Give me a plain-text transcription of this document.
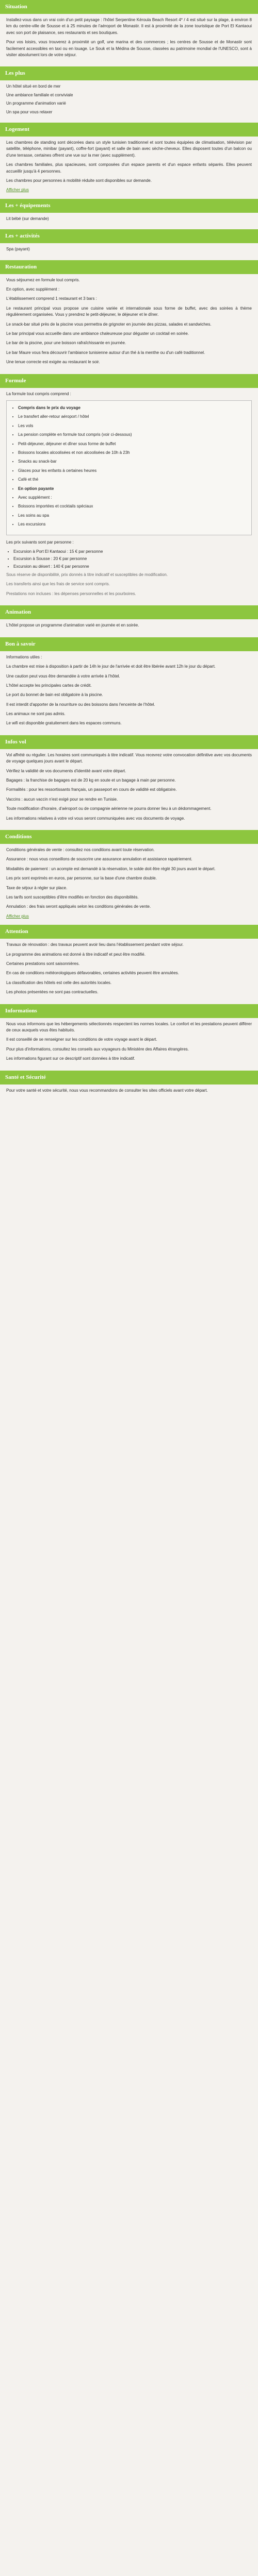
Situation

Installez-vous dans un vrai coin d'un petit paysage : l'hôtel Serpentine Kéroula Beach Resort 4* / 4 est situé sur la plage, à environ 8 km du centre-ville de Sousse et à 25 minutes de l'aéroport de Monastir. Il est à proximité de la zone touristique de Port El Kantaoui avec son port de plaisance, ses restaurants et ses boutiques.

Pour vos loisirs, vous trouverez à proximité un golf, une marina et des commerces ; les centres de Sousse et de Monastir sont facilement accessibles en taxi ou en louage. Le Souk et la Médina de Sousse, classées au patrimoine mondial de l'UNESCO, sont à visiter absolument lors de votre séjour.

Les plus
Un hôtel situé en bord de mer
Une ambiance familiale et conviviale
Un programme d'animation varié
Un spa pour vous relaxer
Logement

Les chambres de standing sont décorées dans un style tunisien traditionnel et sont toutes équipées de climatisation, télévision par satellite, téléphone, minibar (payant), coffre-fort (payant) et salle de bain avec sèche-cheveux. Elles disposent toutes d'un balcon ou d'une terrasse, certaines offrent une vue sur la mer (avec supplément).

Les chambres familiales, plus spacieuses, sont composées d'un espace parents et d'un espace enfants séparés. Elles peuvent accueillir jusqu'à 4 personnes.

Les chambres pour personnes à mobilité réduite sont disponibles sur demande.

Afficher plus
Les + équipements
Lit bébé (sur demande)
Les + activités
Spa (payant)
Restauration

Vous séjournez en formule tout compris.

En option, avec supplément :

L'établissement comprend 1 restaurant et 3 bars :

Le restaurant principal vous propose une cuisine variée et internationale sous forme de buffet, avec des soirées à thème régulièrement organisées. Vous y prendrez le petit-déjeuner, le déjeuner et le dîner.

Le snack-bar situé près de la piscine vous permettra de grignoter en journée des pizzas, salades et sandwiches.

Le bar principal vous accueille dans une ambiance chaleureuse pour déguster un cocktail en soirée.

Le bar de la piscine, pour une boisson rafraîchissante en journée.

Le bar Maure vous fera découvrir l'ambiance tunisienne autour d'un thé à la menthe ou d'un café traditionnel.

Une tenue correcte est exigée au restaurant le soir.

Formule

La formule tout compris comprend :

• Compris dans le prix du voyage
• Le transfert aller-retour aéroport / hôtel
• Les vols
• La pension complète en formule tout compris (voir ci-dessous)
• Petit-déjeuner, déjeuner et dîner sous forme de buffet
• Boissons locales alcoolisées et non alcoolisées de 10h à 23h
• Snacks au snack-bar
• Glaces pour les enfants à certaines heures
• Café et thé
• En option payante
• Avec supplément :
• Boissons importées et cocktails spéciaux
• Les soins au spa
• Les excursions

Les prix suivants sont par personne :

• Excursion à Port El Kantaoui : 15 € par personne
• Excursion à Sousse : 20 € par personne
• Excursion au désert : 140 € par personne

Sous réserve de disponibilité, prix donnés à titre indicatif et susceptibles de modification.

Les transferts ainsi que les frais de service sont compris.

Prestations non incluses : les dépenses personnelles et les pourboires.

Animation

L'hôtel propose un programme d'animation varié en journée et en soirée.

Bon à savoir

Informations utiles :

La chambre est mise à disposition à partir de 14h le jour de l'arrivée et doit être libérée avant 12h le jour du départ.

Une caution peut vous être demandée à votre arrivée à l'hôtel.

L'hôtel accepte les principales cartes de crédit.

Le port du bonnet de bain est obligatoire à la piscine.

Il est interdit d'apporter de la nourriture ou des boissons dans l'enceinte de l'hôtel.

Les animaux ne sont pas admis.

Le wifi est disponible gratuitement dans les espaces communs.

Infos vol

Vol affrété ou régulier. Les horaires sont communiqués à titre indicatif. Vous recevrez votre convocation définitive avec vos documents de voyage quelques jours avant le départ.

Vérifiez la validité de vos documents d'identité avant votre départ.

Bagages : la franchise de bagages est de 20 kg en soute et un bagage à main par personne.

Formalités : pour les ressortissants français, un passeport en cours de validité est obligatoire.

Vaccins : aucun vaccin n'est exigé pour se rendre en Tunisie.

Toute modification d'horaire, d'aéroport ou de compagnie aérienne ne pourra donner lieu à un dédommagement.

Les informations relatives à votre vol vous seront communiquées avec vos documents de voyage.

Conditions

Conditions générales de vente : consultez nos conditions avant toute réservation.

Assurance : nous vous conseillons de souscrire une assurance annulation et assistance rapatriement.

Modalités de paiement : un acompte est demandé à la réservation, le solde doit être réglé 30 jours avant le départ.

Les prix sont exprimés en euros, par personne, sur la base d'une chambre double.

Taxe de séjour à régler sur place.

Les tarifs sont susceptibles d'être modifiés en fonction des disponibilités.

Annulation : des frais seront appliqués selon les conditions générales de vente.

Afficher plus
Attention

Travaux de rénovation : des travaux peuvent avoir lieu dans l'établissement pendant votre séjour.

Le programme des animations est donné à titre indicatif et peut être modifié.

Certaines prestations sont saisonnières.

En cas de conditions météorologiques défavorables, certaines activités peuvent être annulées.

La classification des hôtels est celle des autorités locales.

Les photos présentées ne sont pas contractuelles.

Informations

Nous vous informons que les hébergements sélectionnés respectent les normes locales. Le confort et les prestations peuvent différer de ceux auxquels vous êtes habitués.

Il est conseillé de se renseigner sur les conditions de votre voyage avant le départ.

Pour plus d'informations, consultez les conseils aux voyageurs du Ministère des Affaires étrangères.

Les informations figurant sur ce descriptif sont données à titre indicatif.

Santé et Sécurité

Pour votre santé et votre sécurité, nous vous recommandons de consulter les sites officiels avant votre départ.
